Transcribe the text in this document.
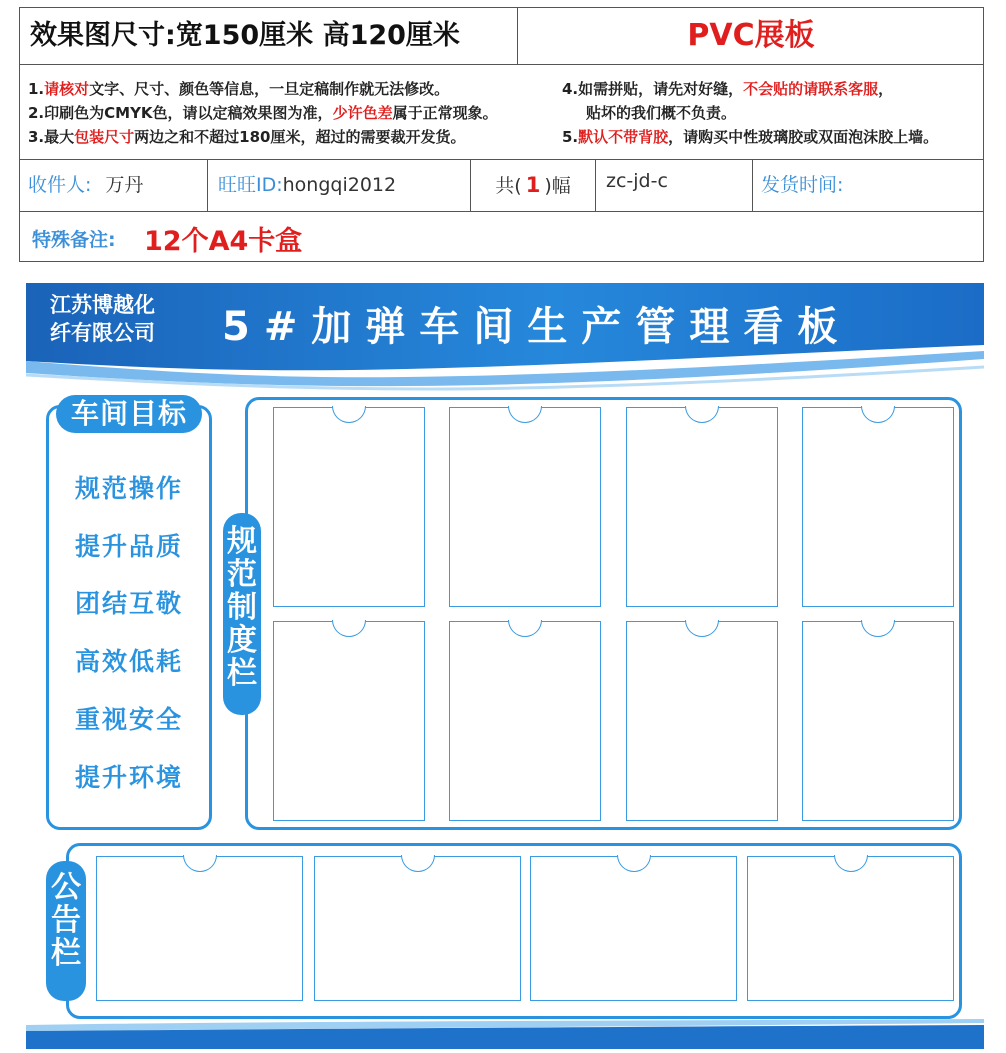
效果图尺寸:宽150厘米 高120厘米	PVC展板
1.请核对文字、尺寸、颜色等信息，一旦定稿制作就无法修改。
2.印刷色为CMYK色，请以定稿效果图为准，少许色差属于正常现象。
3.最大包装尺寸两边之和不超过180厘米，超过的需要裁开发货。
4.如需拼贴，请先对好缝，不会贴的请联系客服，
贴坏的我们概不负责。
5.默认不带背胶，请购买中性玻璃胶或双面泡沫胶上墙。
收件人: 万丹	旺旺ID:hongqi2012	共( 1 )幅	zc-jd-c	发货时间:
特殊备注: 12个A4卡盒
江苏博越化
纤有限公司 5#加弹车间生产管理看板
车间目标
规范操作
提升品质
团结互敬
高效低耗
重视安全
提升环境
规范制度栏
公告栏
